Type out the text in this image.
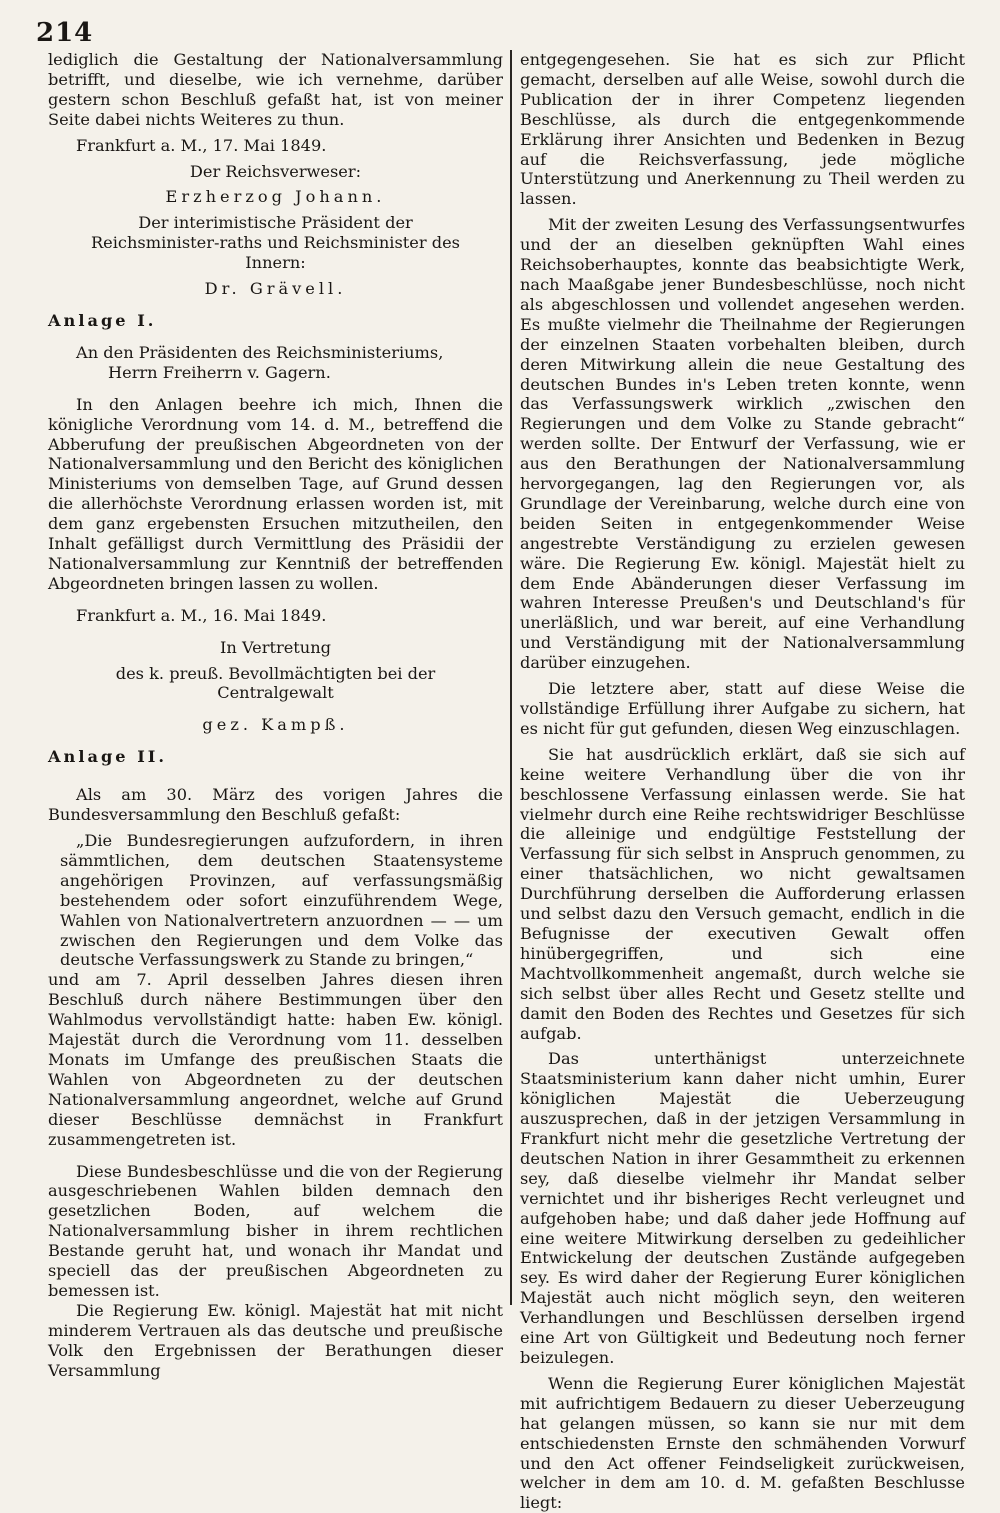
214

lediglich die Gestaltung der Nationalversammlung betrifft, und dieselbe, wie ich vernehme, darüber gestern schon Beschluß gefaßt hat, ist von meiner Seite dabei nichts Weiteres zu thun.

Frankfurt a. M., 17. Mai 1849.

Der Reichsverweser:

Erzherzog Johann.

Der interimistische Präsident der Reichsminister-raths und Reichsminister des Innern:

Dr. Grävell.

Anlage I.

An den Präsidenten des Reichsministeriums,

Herrn Freiherrn v. Gagern.

In den Anlagen beehre ich mich, Ihnen die königliche Verordnung vom 14. d. M., betreffend die Abberufung der preußischen Abgeordneten von der Nationalversammlung und den Bericht des königlichen Ministeriums von demselben Tage, auf Grund dessen die allerhöchste Verordnung erlassen worden ist, mit dem ganz ergebensten Ersuchen mitzutheilen, den Inhalt gefälligst durch Vermittlung des Präsidii der Nationalversammlung zur Kenntniß der betreffenden Abgeordneten bringen lassen zu wollen.

Frankfurt a. M., 16. Mai 1849.

In Vertretung

des k. preuß. Bevollmächtigten bei der Centralgewalt

gez. Kampß.

Anlage II.

Als am 30. März des vorigen Jahres die Bundesversammlung den Beschluß gefaßt:

„Die Bundesregierungen aufzufordern, in ihren sämmtlichen, dem deutschen Staatensysteme angehörigen Provinzen, auf verfassungsmäßig bestehendem oder sofort einzuführendem Wege, Wahlen von Nationalvertretern anzuordnen — — um zwischen den Regierungen und dem Volke das deutsche Verfassungswerk zu Stande zu bringen,“

und am 7. April desselben Jahres diesen ihren Beschluß durch nähere Bestimmungen über den Wahlmodus vervollständigt hatte: haben Ew. königl. Majestät durch die Verordnung vom 11. desselben Monats im Umfange des preußischen Staats die Wahlen von Abgeordneten zu der deutschen Nationalversammlung angeordnet, welche auf Grund dieser Beschlüsse demnächst in Frankfurt zusammengetreten ist.

Diese Bundesbeschlüsse und die von der Regierung ausgeschriebenen Wahlen bilden demnach den gesetzlichen Boden, auf welchem die Nationalversammlung bisher in ihrem rechtlichen Bestande geruht hat, und wonach ihr Mandat und speciell das der preußischen Abgeordneten zu bemessen ist.

Die Regierung Ew. königl. Majestät hat mit nicht minderem Vertrauen als das deutsche und preußische Volk den Ergebnissen der Berathungen dieser Versammlung

entgegengesehen. Sie hat es sich zur Pflicht gemacht, derselben auf alle Weise, sowohl durch die Publication der in ihrer Competenz liegenden Beschlüsse, als durch die entgegenkommende Erklärung ihrer Ansichten und Bedenken in Bezug auf die Reichsverfassung, jede mögliche Unterstützung und Anerkennung zu Theil werden zu lassen.

Mit der zweiten Lesung des Verfassungsentwurfes und der an dieselben geknüpften Wahl eines Reichsoberhauptes, konnte das beabsichtigte Werk, nach Maaßgabe jener Bundesbeschlüsse, noch nicht als abgeschlossen und vollendet angesehen werden. Es mußte vielmehr die Theilnahme der Regierungen der einzelnen Staaten vorbehalten bleiben, durch deren Mitwirkung allein die neue Gestaltung des deutschen Bundes in's Leben treten konnte, wenn das Verfassungswerk wirklich „zwischen den Regierungen und dem Volke zu Stande gebracht“ werden sollte. Der Entwurf der Verfassung, wie er aus den Berathungen der Nationalversammlung hervorgegangen, lag den Regierungen vor, als Grundlage der Vereinbarung, welche durch eine von beiden Seiten in entgegenkommender Weise angestrebte Verständigung zu erzielen gewesen wäre. Die Regierung Ew. königl. Majestät hielt zu dem Ende Abänderungen dieser Verfassung im wahren Interesse Preußen's und Deutschland's für unerläßlich, und war bereit, auf eine Verhandlung und Verständigung mit der Nationalversammlung darüber einzugehen.

Die letztere aber, statt auf diese Weise die vollständige Erfüllung ihrer Aufgabe zu sichern, hat es nicht für gut gefunden, diesen Weg einzuschlagen.

Sie hat ausdrücklich erklärt, daß sie sich auf keine weitere Verhandlung über die von ihr beschlossene Verfassung einlassen werde. Sie hat vielmehr durch eine Reihe rechtswidriger Beschlüsse die alleinige und endgültige Feststellung der Verfassung für sich selbst in Anspruch genommen, zu einer thatsächlichen, wo nicht gewaltsamen Durchführung derselben die Aufforderung erlassen und selbst dazu den Versuch gemacht, endlich in die Befugnisse der executiven Gewalt offen hinübergegriffen, und sich eine Machtvollkommenheit angemaßt, durch welche sie sich selbst über alles Recht und Gesetz stellte und damit den Boden des Rechtes und Gesetzes für sich aufgab.

Das unterthänigst unterzeichnete Staatsministerium kann daher nicht umhin, Eurer königlichen Majestät die Ueberzeugung auszusprechen, daß in der jetzigen Versammlung in Frankfurt nicht mehr die gesetzliche Vertretung der deutschen Nation in ihrer Gesammtheit zu erkennen sey, daß dieselbe vielmehr ihr Mandat selber vernichtet und ihr bisheriges Recht verleugnet und aufgehoben habe; und daß daher jede Hoffnung auf eine weitere Mitwirkung derselben zu gedeihlicher Entwickelung der deutschen Zustände aufgegeben sey. Es wird daher der Regierung Eurer königlichen Majestät auch nicht möglich seyn, den weiteren Verhandlungen und Beschlüssen derselben irgend eine Art von Gültigkeit und Bedeutung noch ferner beizulegen.

Wenn die Regierung Eurer königlichen Majestät mit aufrichtigem Bedauern zu dieser Ueberzeugung hat gelangen müssen, so kann sie nur mit dem entschiedensten Ernste den schmähenden Vorwurf und den Act offener Feindseligkeit zurückweisen, welcher in dem am 10. d. M. gefaßten Beschlusse liegt:
